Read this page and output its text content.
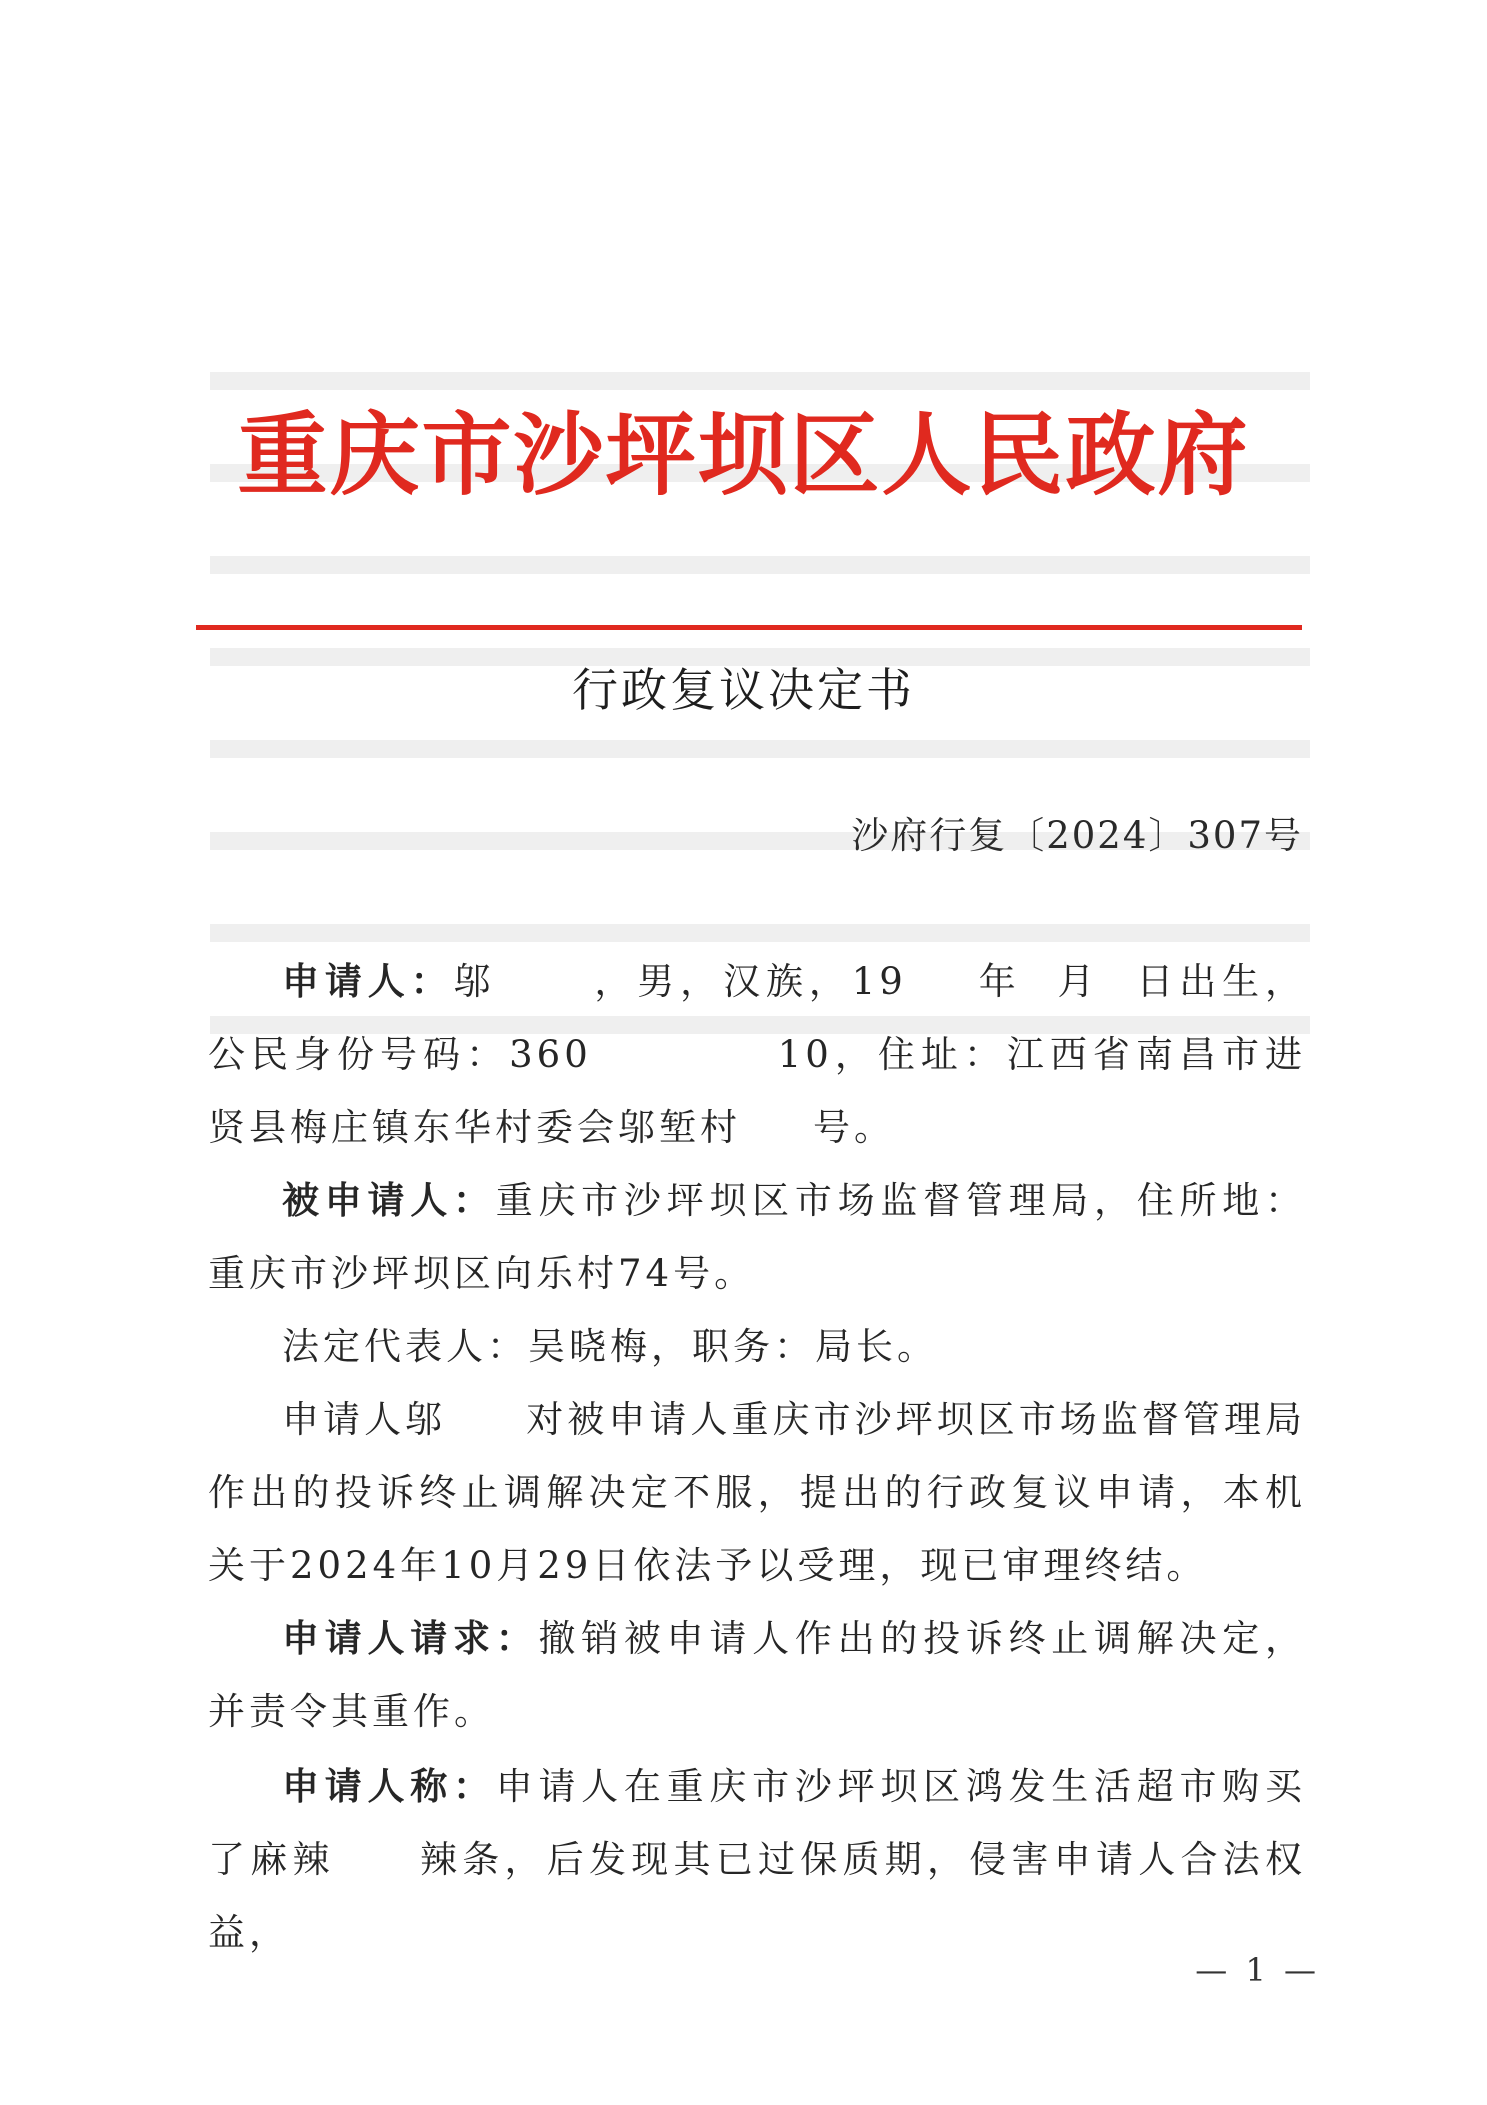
重庆市沙坪坝区人民政府
行政复议决定书
沙府行复〔2024〕307号

申请人：邬	，男，汉族，19 年 月 日出生，公民身份号码：360	10，住址：江西省南昌市进贤县梅庄镇东华村委会邬堑村 号。

被申请人：重庆市沙坪坝区市场监督管理局，住所地：重庆市沙坪坝区向乐村74号。

法定代表人：吴晓梅，职务：局长。

申请人邬 对被申请人重庆市沙坪坝区市场监督管理局作出的投诉终止调解决定不服，提出的行政复议申请，本机关于2024年10月29日依法予以受理，现已审理终结。

申请人请求：撤销被申请人作出的投诉终止调解决定，并责令其重作。

申请人称：申请人在重庆市沙坪坝区鸿发生活超市购买了麻辣 辣条，后发现其已过保质期，侵害申请人合法权益，

— 1 —
